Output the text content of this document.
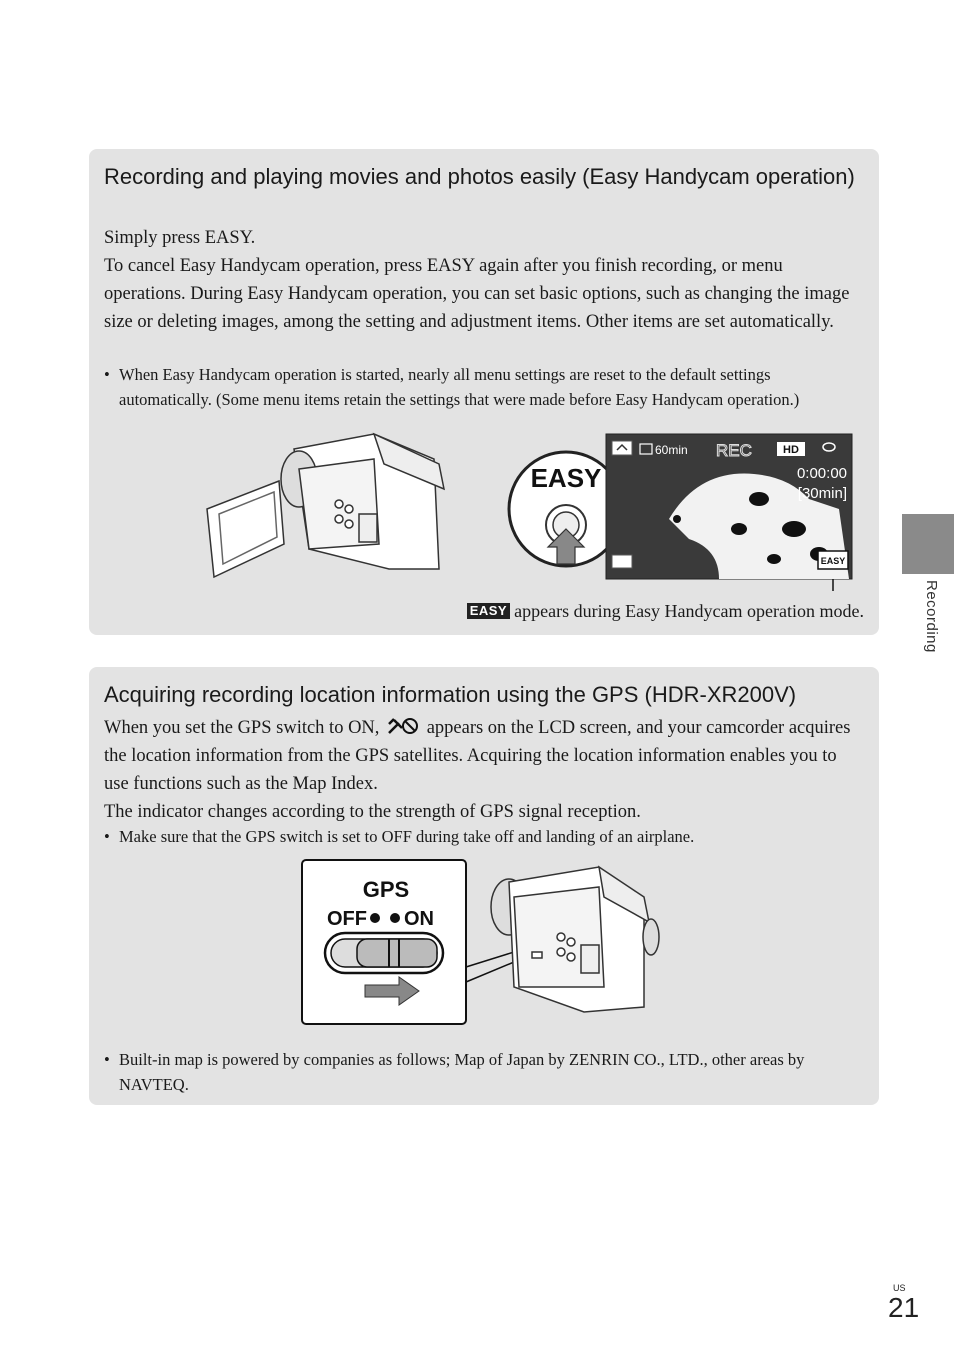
Recording and playing movies and photos easily (Easy Handycam operation)

Simply press EASY.

To cancel Easy Handycam operation, press EASY again after you finish recording, or menu operations. During Easy Handycam operation, you can set basic options, such as changing the image size or deleting images, among the setting and adjustment items. Other items are set automatically.

• When Easy Handycam operation is started, nearly all menu settings are reset to the default settings automatically. (Some menu items retain the settings that were made before Easy Handycam operation.)
EASY
60min REC	HD
0:00:00
[30min]
EASY
EASY appears during Easy Handycam operation mode.
Acquiring recording location information using the GPS (HDR-XR200V)

When you set the GPS switch to ON,	appears on the LCD screen, and your camcorder acquires the location information from the GPS satellites. Acquiring the location information enables you to use functions such as the Map Index.

The indicator changes according to the strength of GPS signal reception.

• Make sure that the GPS switch is set to OFF during take off and landing of an airplane.
GPS
OFF ON
• Built-in map is powered by companies as follows; Map of Japan by ZENRIN CO., LTD., other areas by NAVTEQ.
Recording
US
21
